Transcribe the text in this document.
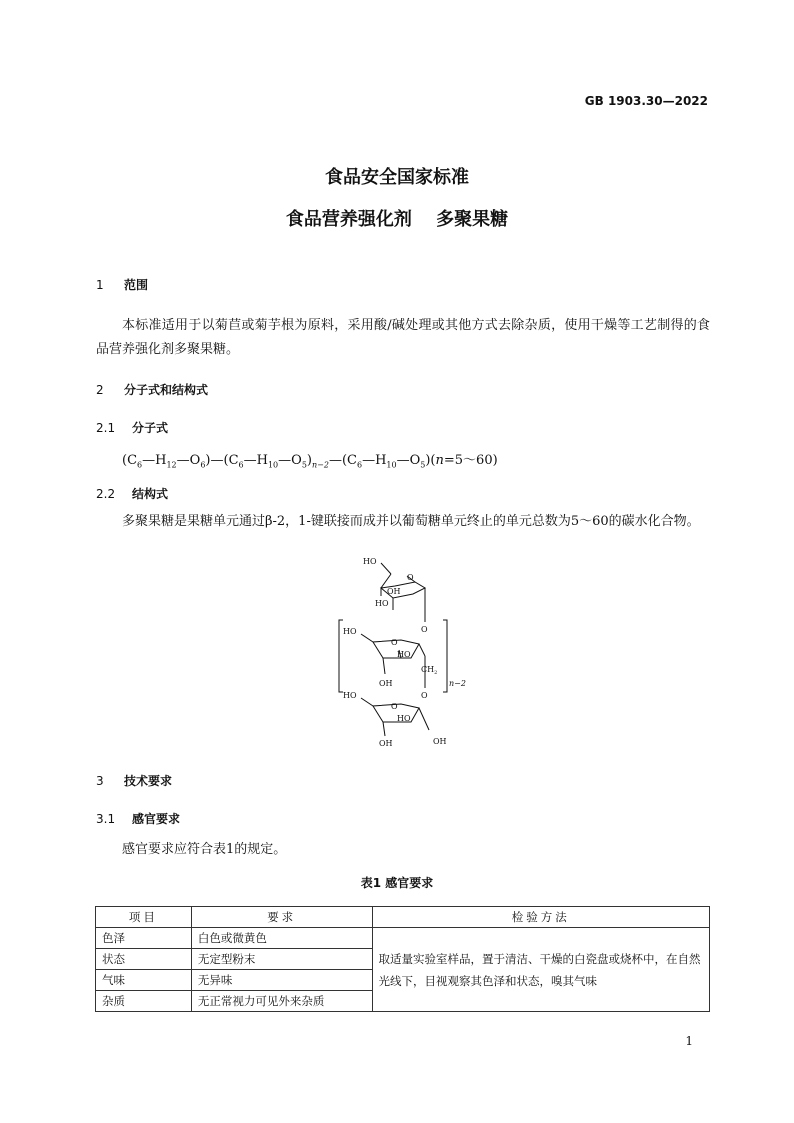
GB 1903.30—2022
食品安全国家标准
食品营养强化剂 多聚果糖
1 范围
本标准适用于以菊苣或菊芋根为原料，采用酸/碱处理或其他方式去除杂质，使用干燥等工艺制得的食品营养强化剂多聚果糖。
2 分子式和结构式
2.1 分子式
$(C_6—H_{12}—O_6)—(C_6—H_{10}—O_5)_{n-2}—(C_6—H_{10}—O_5)(n=5\sim 60)$
2.2 结构式
多聚果糖是果糖单元通过β-2，1-键联接而成并以葡萄糖单元终止的单元总数为5～60的碳水化合物。
HO
O
OH
HO
O
HO
O
HO
$CH_2$
OH
O
n−2
HO
O
HO
OH	OH
3 技术要求
3.1 感官要求
感官要求应符合表1的规定。
表1 感官要求
项目	要求	检验方法
色泽	白色或微黄色	取适量实验室样品，置于清洁、干燥的白瓷盘或烧杯中，在自然光线下，目视观察其色泽和状态，嗅其气味
状态	无定型粉末	
气味	无异味	
杂质	无正常视力可见外来杂质	
1
